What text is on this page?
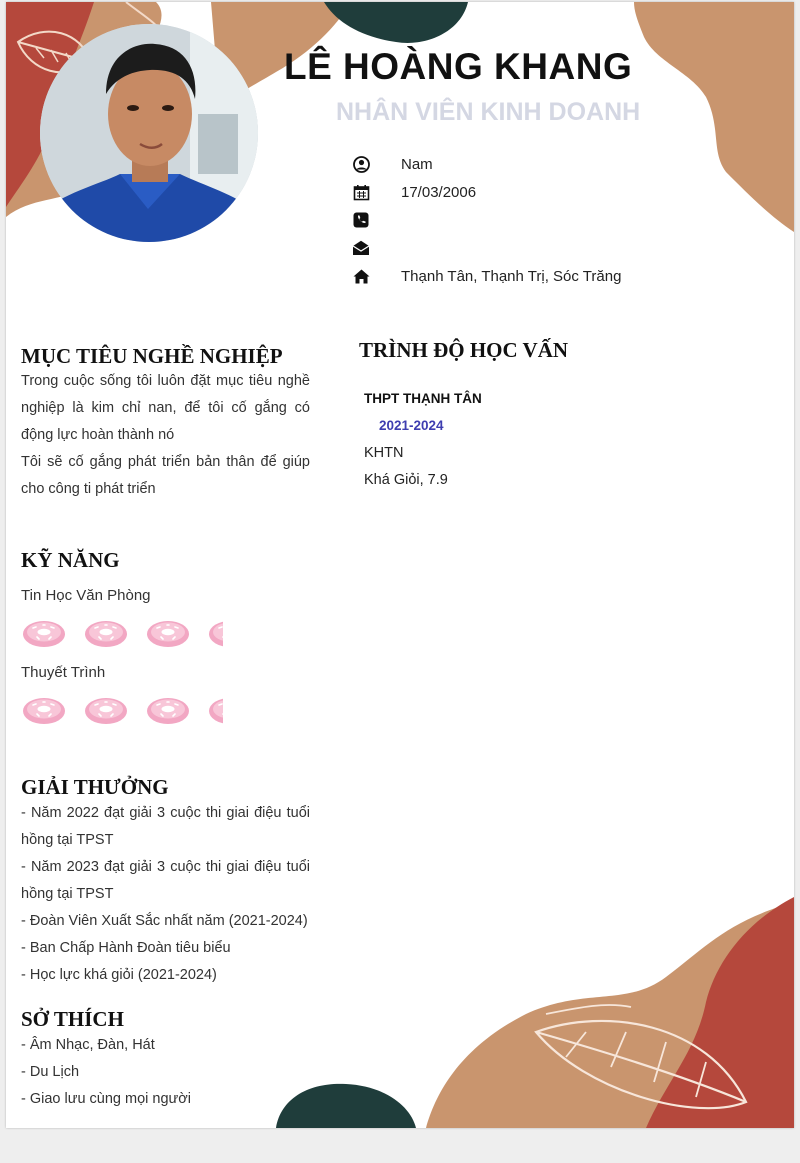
LÊ HOÀNG KHANG
NHÂN VIÊN KINH DOANH
Nam
17/03/2006
Thạnh Tân, Thạnh Trị, Sóc Trăng
MỤC TIÊU NGHỀ NGHIỆP

Trong cuộc sống tôi luôn đặt mục tiêu nghề nghiệp là kim chỉ nan, để tôi cố gắng có động lực hoàn thành nó

Tôi sẽ cố gắng phát triển bản thân để giúp cho công ti phát triển

TRÌNH ĐỘ HỌC VẤN
THPT THẠNH TÂN
2021-2024
KHTN
Khá Giỏi, 7.9
KỸ NĂNG
Tin Học Văn Phòng
Thuyết Trình
GIẢI THƯỞNG
- Năm 2022 đạt giải 3 cuộc thi giai điệu tuổi hồng tại TPST
- Năm 2023 đạt giải 3 cuộc thi giai điệu tuổi hồng tại TPST
- Đoàn Viên Xuất Sắc nhất năm (2021-2024)
- Ban Chấp Hành Đoàn tiêu biểu
- Học lực khá giỏi (2021-2024)
SỞ THÍCH
- Âm Nhạc, Đàn, Hát
- Du Lịch
- Giao lưu cùng mọi người
